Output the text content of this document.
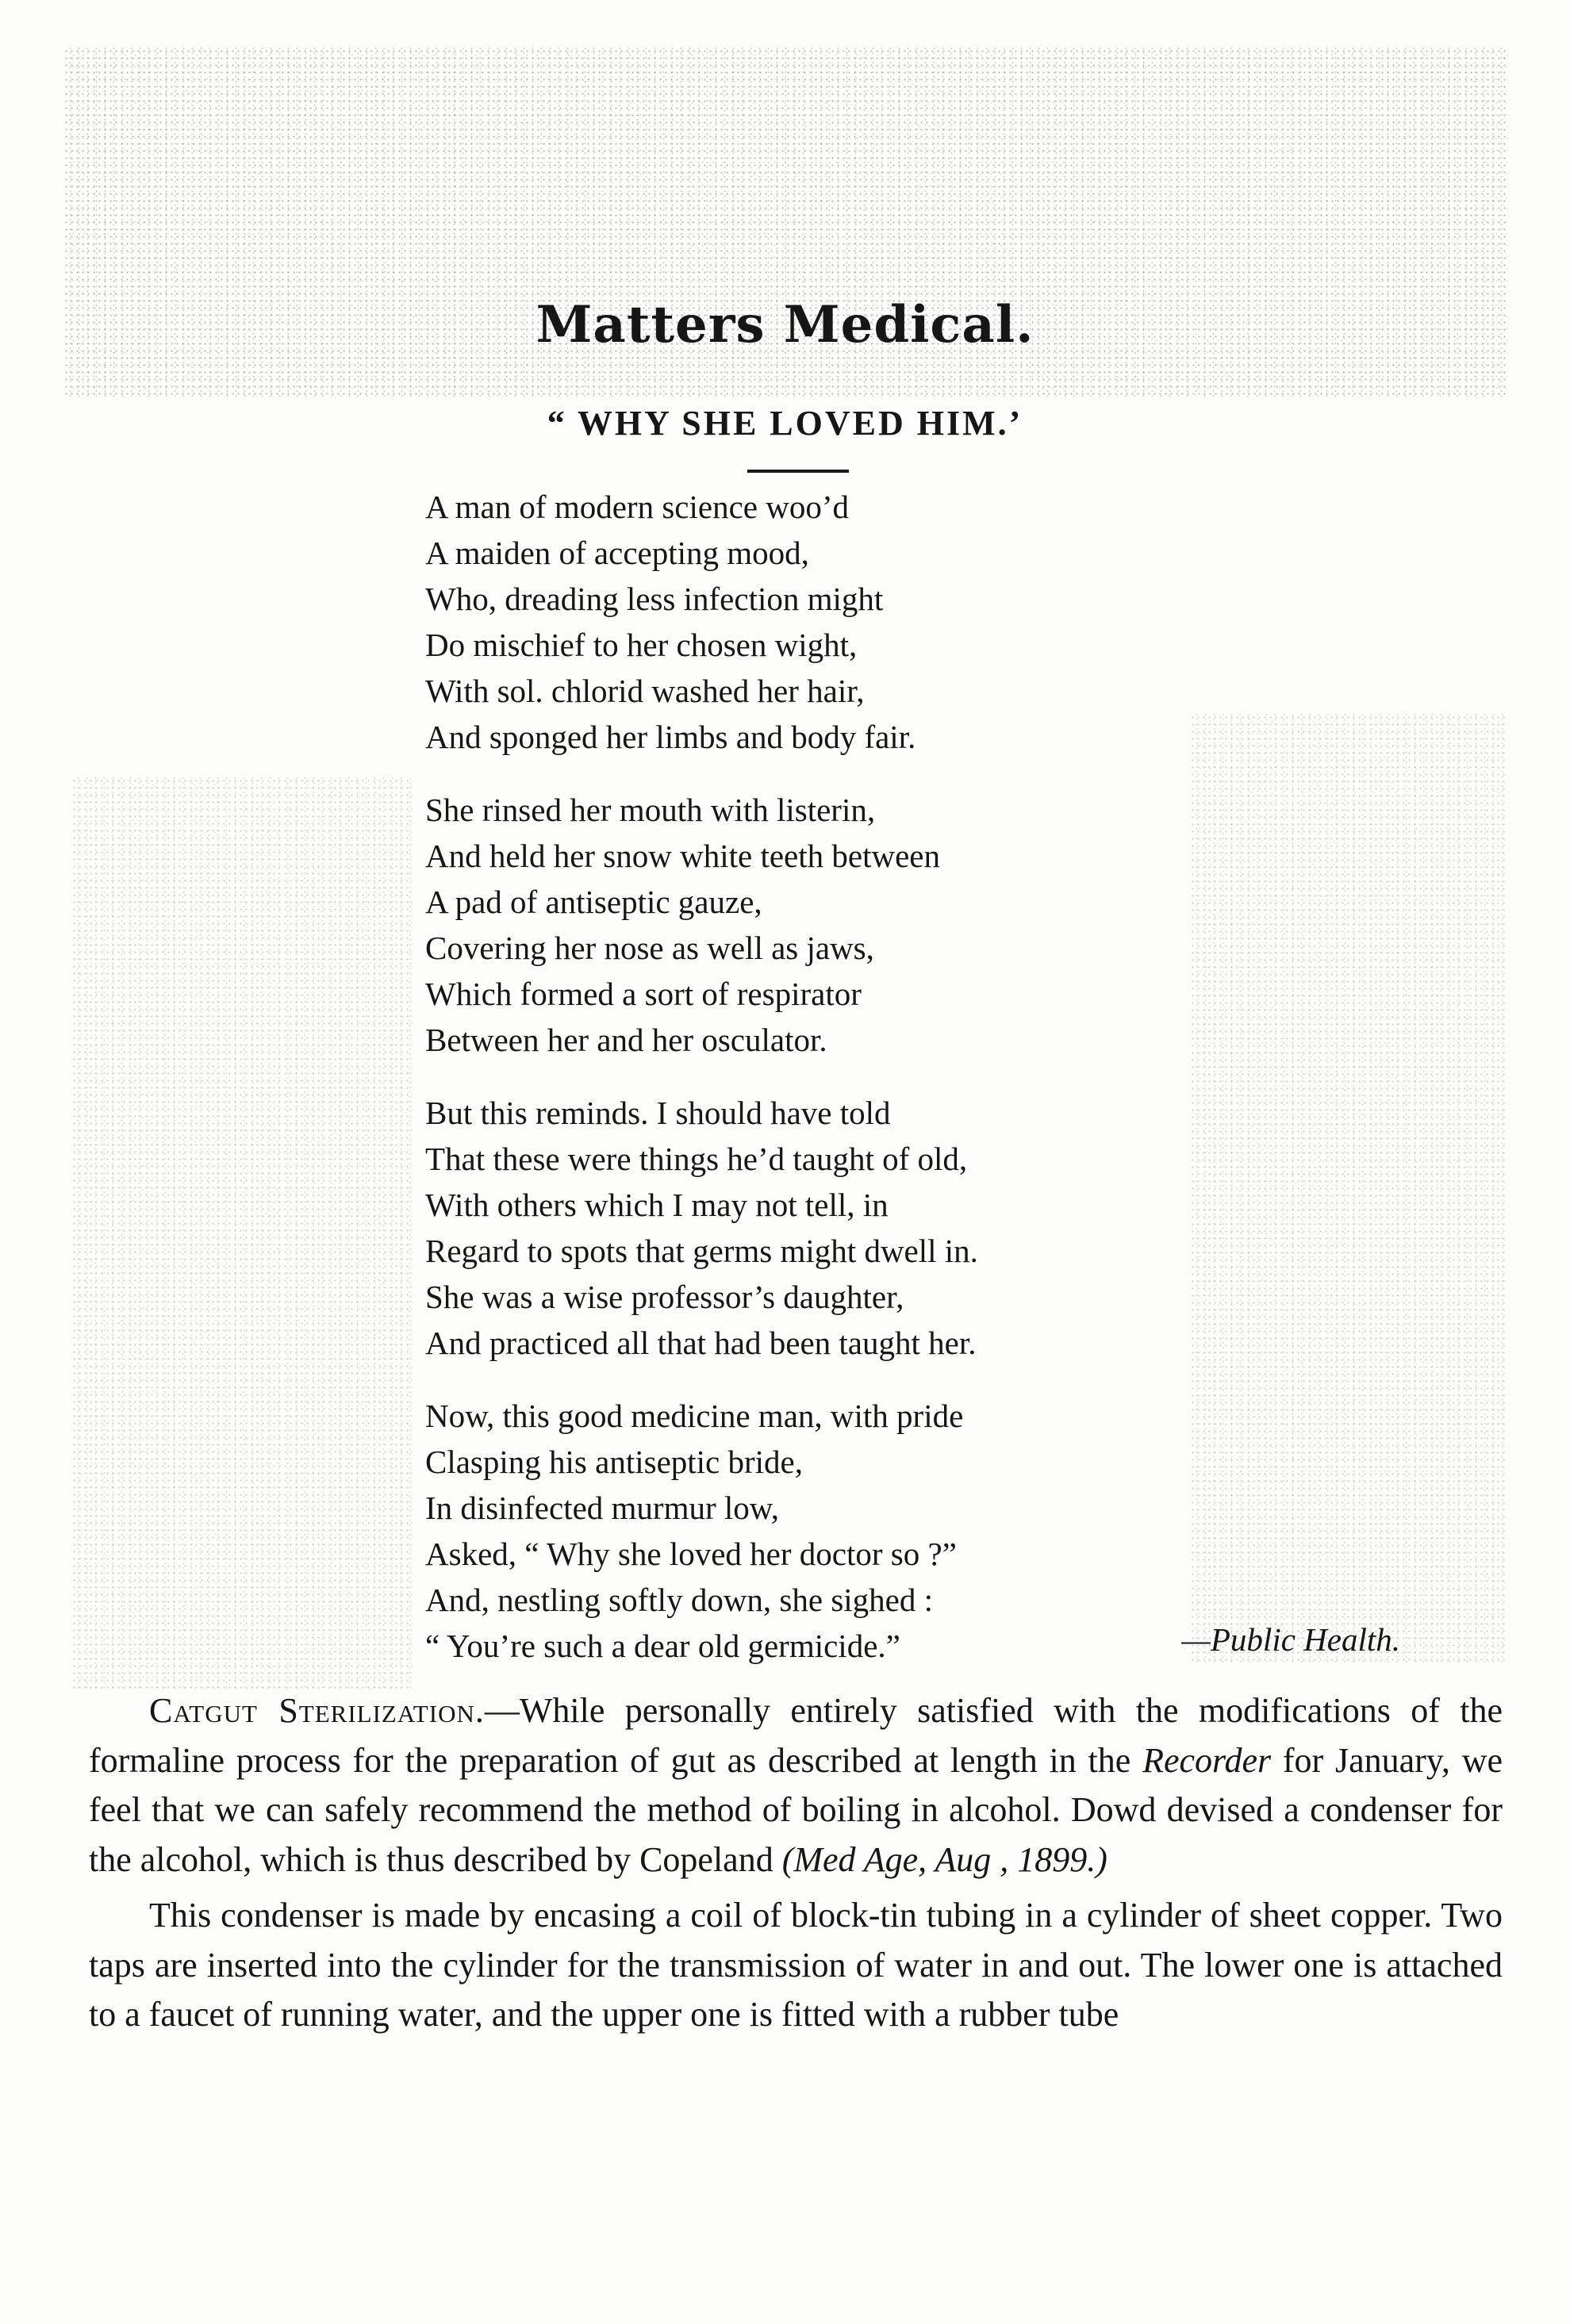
Matters Medical.
“ WHY SHE LOVED HIM.’
A man of modern science woo’d
A maiden of accepting mood,
Who, dreading less infection might
Do mischief to her chosen wight,
With sol. chlorid washed her hair,
And sponged her limbs and body fair.
She rinsed her mouth with listerin,
And held her snow white teeth between
A pad of antiseptic gauze,
Covering her nose as well as jaws,
Which formed a sort of respirator
Between her and her osculator.
But this reminds. I should have told
That these were things he’d taught of old,
With others which I may not tell, in
Regard to spots that germs might dwell in.
She was a wise professor’s daughter,
And practiced all that had been taught her.
Now, this good medicine man, with pride
Clasping his antiseptic bride,
In disinfected murmur low,
Asked, “ Why she loved her doctor so ?”
And, nestling softly down, she sighed :
“ You’re such a dear old germicide.”	—Public Health.

Catgut Sterilization.—While personally entirely satisfied with the modifications of the formaline process for the preparation of gut as described at length in the Recorder for January, we feel that we can safely recommend the method of boiling in alcohol. Dowd devised a condenser for the alcohol, which is thus described by Copeland (Med Age, Aug , 1899.)

This condenser is made by encasing a coil of block-tin tubing in a cylinder of sheet copper. Two taps are inserted into the cylinder for the transmission of water in and out. The lower one is attached to a faucet of running water, and the upper one is fitted with a rubber tube
